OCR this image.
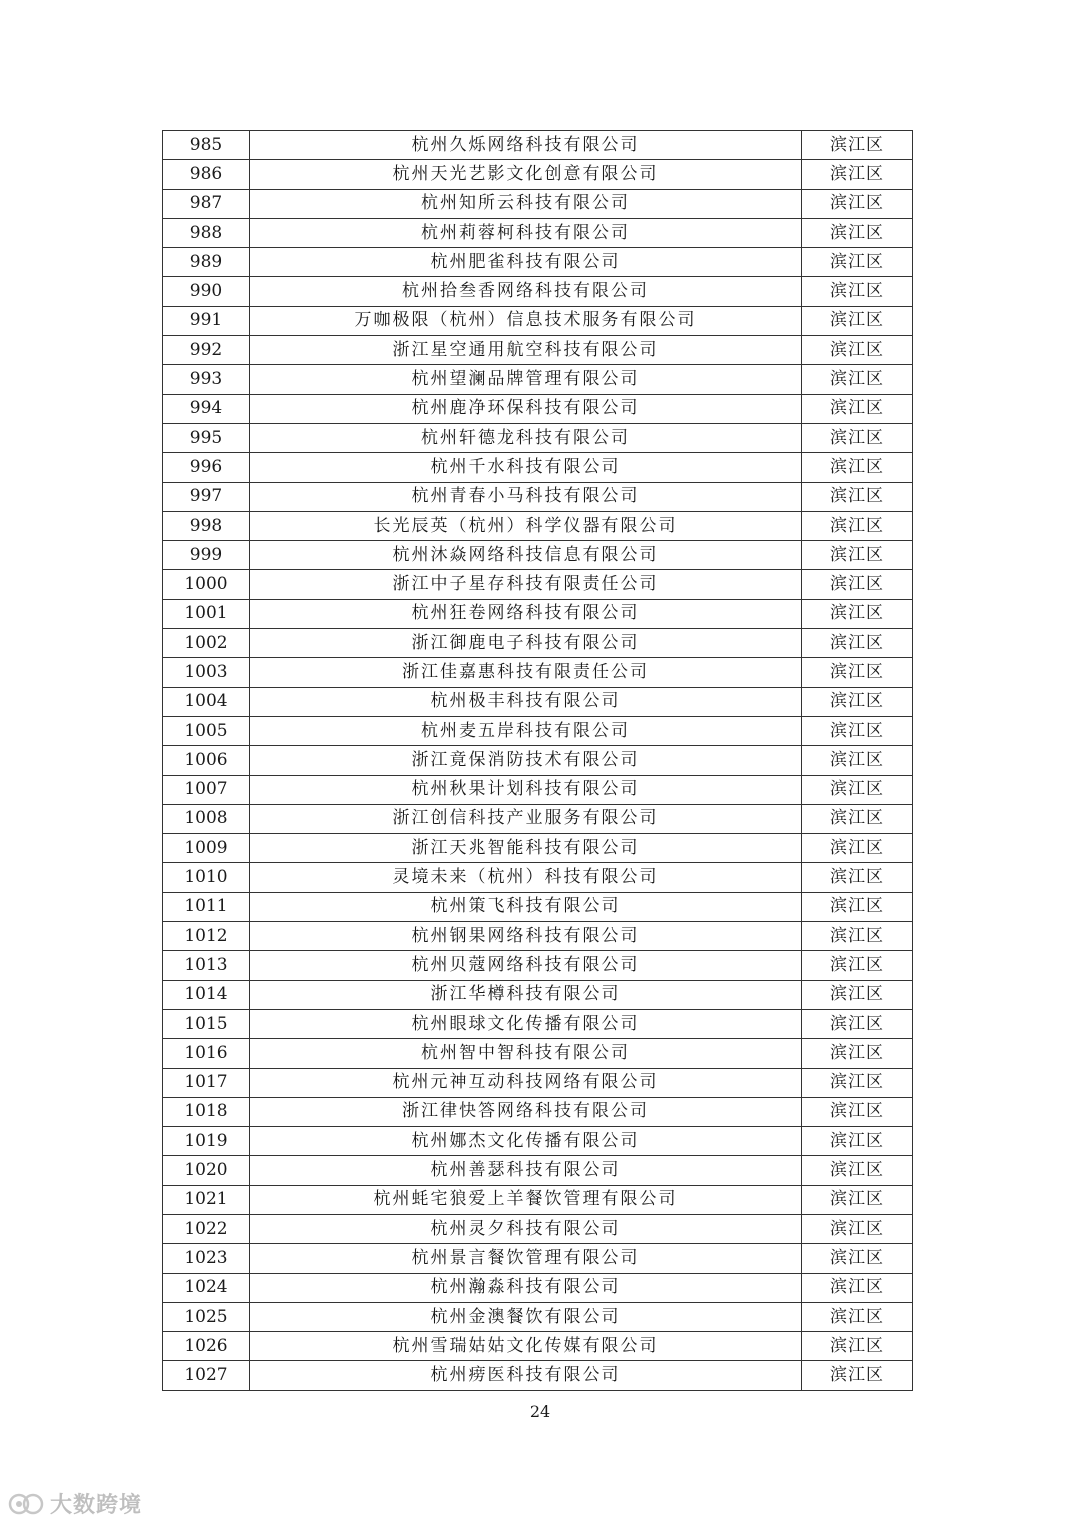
985	杭州久烁网络科技有限公司	滨江区
986	杭州天光艺影文化创意有限公司	滨江区
987	杭州知所云科技有限公司	滨江区
988	杭州莉蓉柯科技有限公司	滨江区
989	杭州肥雀科技有限公司	滨江区
990	杭州拾叁香网络科技有限公司	滨江区
991	万咖极限（杭州）信息技术服务有限公司	滨江区
992	浙江星空通用航空科技有限公司	滨江区
993	杭州望澜品牌管理有限公司	滨江区
994	杭州鹿净环保科技有限公司	滨江区
995	杭州轩德龙科技有限公司	滨江区
996	杭州千水科技有限公司	滨江区
997	杭州青春小马科技有限公司	滨江区
998	长光辰英（杭州）科学仪器有限公司	滨江区
999	杭州沐焱网络科技信息有限公司	滨江区
1000	浙江中子星存科技有限责任公司	滨江区
1001	杭州狂卷网络科技有限公司	滨江区
1002	浙江御鹿电子科技有限公司	滨江区
1003	浙江佳嘉惠科技有限责任公司	滨江区
1004	杭州极丰科技有限公司	滨江区
1005	杭州麦五岸科技有限公司	滨江区
1006	浙江竟保消防技术有限公司	滨江区
1007	杭州秋果计划科技有限公司	滨江区
1008	浙江创信科技产业服务有限公司	滨江区
1009	浙江天兆智能科技有限公司	滨江区
1010	灵境未来（杭州）科技有限公司	滨江区
1011	杭州策飞科技有限公司	滨江区
1012	杭州钢果网络科技有限公司	滨江区
1013	杭州贝蔻网络科技有限公司	滨江区
1014	浙江华樽科技有限公司	滨江区
1015	杭州眼球文化传播有限公司	滨江区
1016	杭州智中智科技有限公司	滨江区
1017	杭州元神互动科技网络有限公司	滨江区
1018	浙江律快答网络科技有限公司	滨江区
1019	杭州娜杰文化传播有限公司	滨江区
1020	杭州善瑟科技有限公司	滨江区
1021	杭州蚝宅狼爱上羊餐饮管理有限公司	滨江区
1022	杭州灵夕科技有限公司	滨江区
1023	杭州景言餐饮管理有限公司	滨江区
1024	杭州瀚淼科技有限公司	滨江区
1025	杭州金澳餐饮有限公司	滨江区
1026	杭州雪瑞姑姑文化传媒有限公司	滨江区
1027	杭州痨医科技有限公司	滨江区
24
大数跨境
